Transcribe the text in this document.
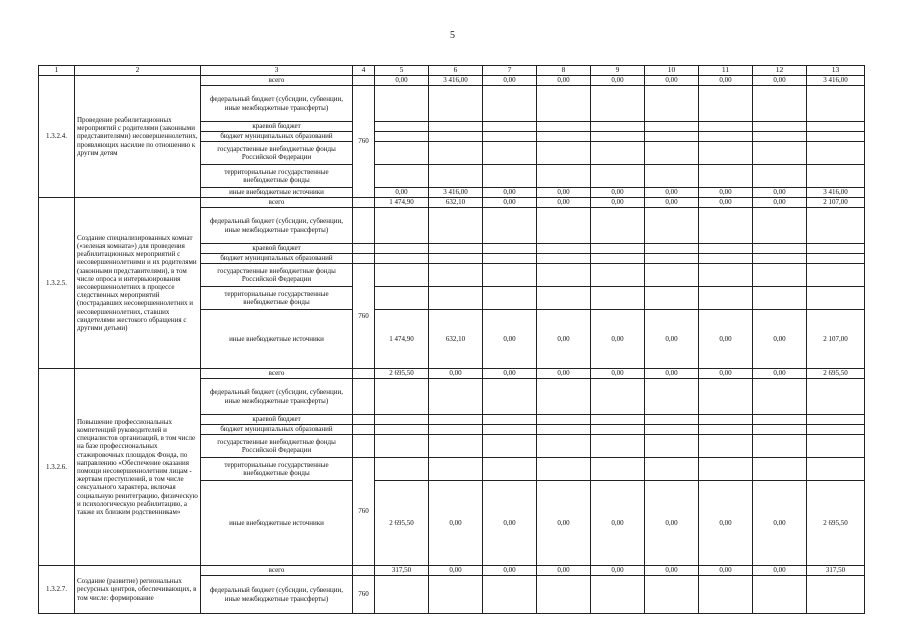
5
1	2	3	4	5	6	7	8	9	10	11	12	13
1.3.2.4.	Проведение реабилитационных мероприятий с родителями (законными представителями) несовершеннолетних, проявляющих насилие по отношению к другим детям	всего		0,00	3 416,00	0,00	0,00	0,00	0,00	0,00	0,00	3 416,00
		федеральный бюджет (субсидии, субвенции, иные межбюджетные трансферты)	760									
		краевой бюджет										
		бюджет муниципальных образований										
		государственные внебюджетные фонды Российской Федерации										
		территориальные государственные внебюджетные фонды										
		иные внебюджетные источники		0,00	3 416,00	0,00	0,00	0,00	0,00	0,00	0,00	3 416,00
1.3.2.5.	Создание специализированных комнат («зеленая комната») для проведения реабилитационных мероприятий с несовершеннолетними и их родителями (законными представителями), в том числе опроса и интервьюирования несовершеннолетних в процессе следственных мероприятий (пострадавших несовершеннолетних и несовершеннолетних, ставших свидетелями жестокого обращения с другими детьми)	всего		1 474,90	632,10	0,00	0,00	0,00	0,00	0,00	0,00	2 107,00
		федеральный бюджет (субсидии, субвенции, иные межбюджетные трансферты)										
		краевой бюджет										
		бюджет муниципальных образований										
		государственные внебюджетные фонды Российской Федерации	760									
		территориальные государственные внебюджетные фонды										
		иные внебюджетные источники		1 474,90	632,10	0,00	0,00	0,00	0,00	0,00	0,00	2 107,00
1.3.2.6.	Повышение профессиональных компетенций руководителей и специалистов организаций, в том числе на базе профессиональных стажировочных площадок Фонда, по направлению «Обеспечение оказания помощи несовершеннолетним лицам - жертвам преступлений, в том числе сексуального характера, включая социальную реинтеграцию, физическую и психологическую реабилитацию, а также их близким родственникам»	всего		2 695,50	0,00	0,00	0,00	0,00	0,00	0,00	0,00	2 695,50
		федеральный бюджет (субсидии, субвенции, иные межбюджетные трансферты)										
		краевой бюджет										
		бюджет муниципальных образований										
		государственные внебюджетные фонды Российской Федерации										
		территориальные государственные внебюджетные фонды	760									
		иные внебюджетные источники		2 695,50	0,00	0,00	0,00	0,00	0,00	0,00	0,00	2 695,50
1.3.2.7.	Создание (развитие) региональных ресурсных центров, обеспечивающих, в том числе: формирование	всего		317,50	0,00	0,00	0,00	0,00	0,00	0,00	0,00	317,50
		федеральный бюджет (субсидии, субвенции, иные межбюджетные трансферты)	760									
